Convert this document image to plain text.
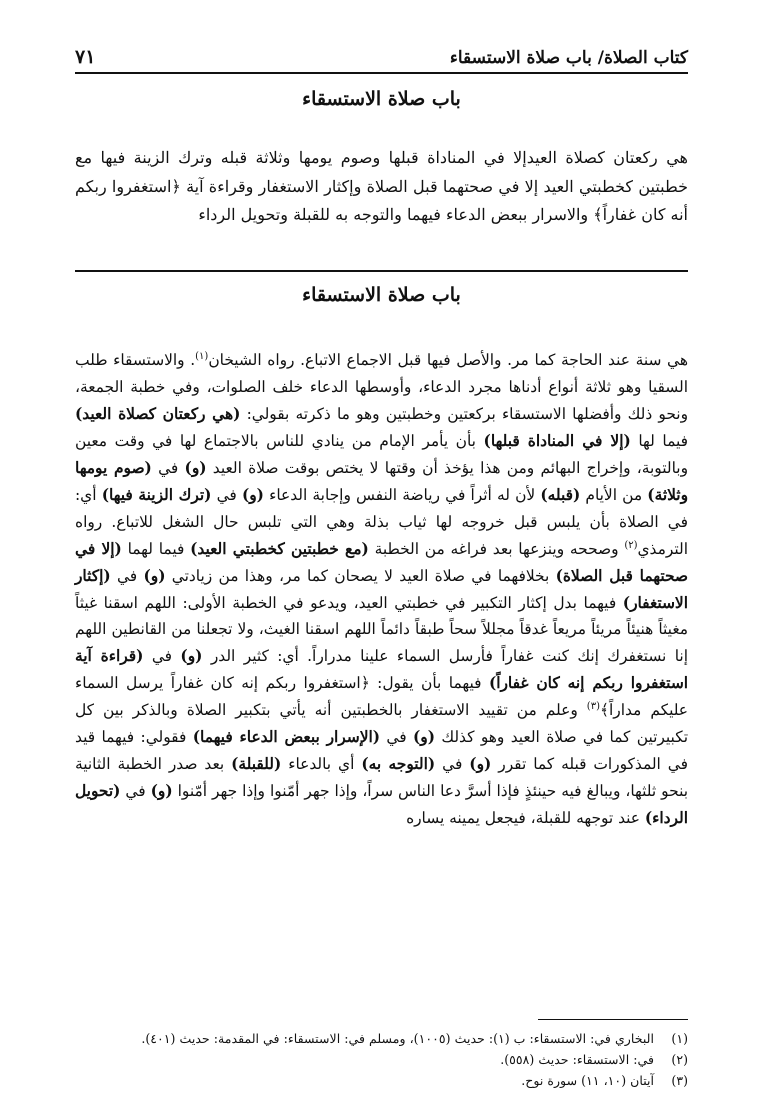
كتاب الصلاة/ باب صلاة الاستسقاء
٧١
باب صلاة الاستسقاء

هي ركعتان كصلاة العيدإلا في المناداة قبلها وصوم يومها وثلاثة قبله وترك الزينة فيها مع خطبتين كخطبتي العيد إلا في صحتهما قبل الصلاة وإكثار الاستغفار وقراءة آية ﴿استغفروا ربكم أنه كان غفاراً﴾ والاسرار ببعض الدعاء فيهما والتوجه به للقبلة وتحويل الرداء

باب صلاة الاستسقاء

هي سنة عند الحاجة كما مر. والأصل فيها قبل الاجماع الاتباع. رواه الشيخان$^{(١)}$. والاستسقاء طلب السقيا وهو ثلاثة أنواع أدناها مجرد الدعاء، وأوسطها الدعاء خلف الصلوات، وفي خطبة الجمعة، ونحو ذلك وأفضلها الاستسقاء بركعتين وخطبتين وهو ما ذكرته بقولي: (هي ركعتان كصلاة العيد) فيما لها (إلا في المناداة قبلها) بأن يأمر الإمام من ينادي للناس بالاجتماع لها في وقت معين وبالتوبة، وإخراج البهائم ومن هذا يؤخذ أن وقتها لا يختص بوقت صلاة العيد (و) في (صوم يومها وثلاثة) من الأيام (قبله) لأن له أثراً في رياضة النفس وإجابة الدعاء (و) في (ترك الزينة فيها) أي: في الصلاة بأن يلبس قبل خروجه لها ثياب بذلة وهي التي تلبس حال الشغل للاتباع. رواه الترمذي$^{(٢)}$ وصححه وينزعها بعد فراغه من الخطبة (مع خطبتين كخطبتي العيد) فيما لهما (إلا في صحتهما قبل الصلاة) بخلافهما في صلاة العيد لا يصحان كما مر، وهذا من زيادتي (و) في (إكثار الاستغفار) فيهما بدل إكثار التكبير في خطبتي العيد، ويدعو في الخطبة الأولى: اللهم اسقنا غيثاً مغيثاً هنيئاً مريئاً مريعاً غدقاً مجللاً سحاً طبقاً دائماً اللهم اسقنا الغيث، ولا تجعلنا من القانطين اللهم إنا نستغفرك إنك كنت غفاراً فأرسل السماء علينا مدراراً. أي: كثير الدر (و) في (قراءة آية استغفروا ربكم إنه كان غفاراً) فيهما بأن يقول: ﴿استغفروا ربكم إنه كان غفاراً يرسل السماء عليكم مداراً﴾$^{(٣)}$ وعلم من تقييد الاستغفار بالخطبتين أنه يأتي بتكبير الصلاة وبالذكر بين كل تكبيرتين كما في صلاة العيد وهو كذلك (و) في (الإسرار ببعض الدعاء فيهما) فقولي: فيهما قيد في المذكورات قبله كما تقرر (و) في (التوجه به) أي بالدعاء (للقبلة) بعد صدر الخطبة الثانية بنحو ثلثها، ويبالغ فيه حينئذٍ فإذا أسرَّ دعا الناس سراً، وإذا جهر أمّنوا وإذا جهر أمّنوا (و) في (تحويل الرداء) عند توجهه للقبلة، فيجعل يمينه يساره

(١)
البخاري في: الاستسقاء: ب (١): حديث (١٠٠٥)، ومسلم في: الاستسقاء: في المقدمة: حديث (٤٠١).
(٢)
في: الاستسقاء: حديث (٥٥٨).
(٣)
آيتان (١٠، ١١) سورة نوح.
